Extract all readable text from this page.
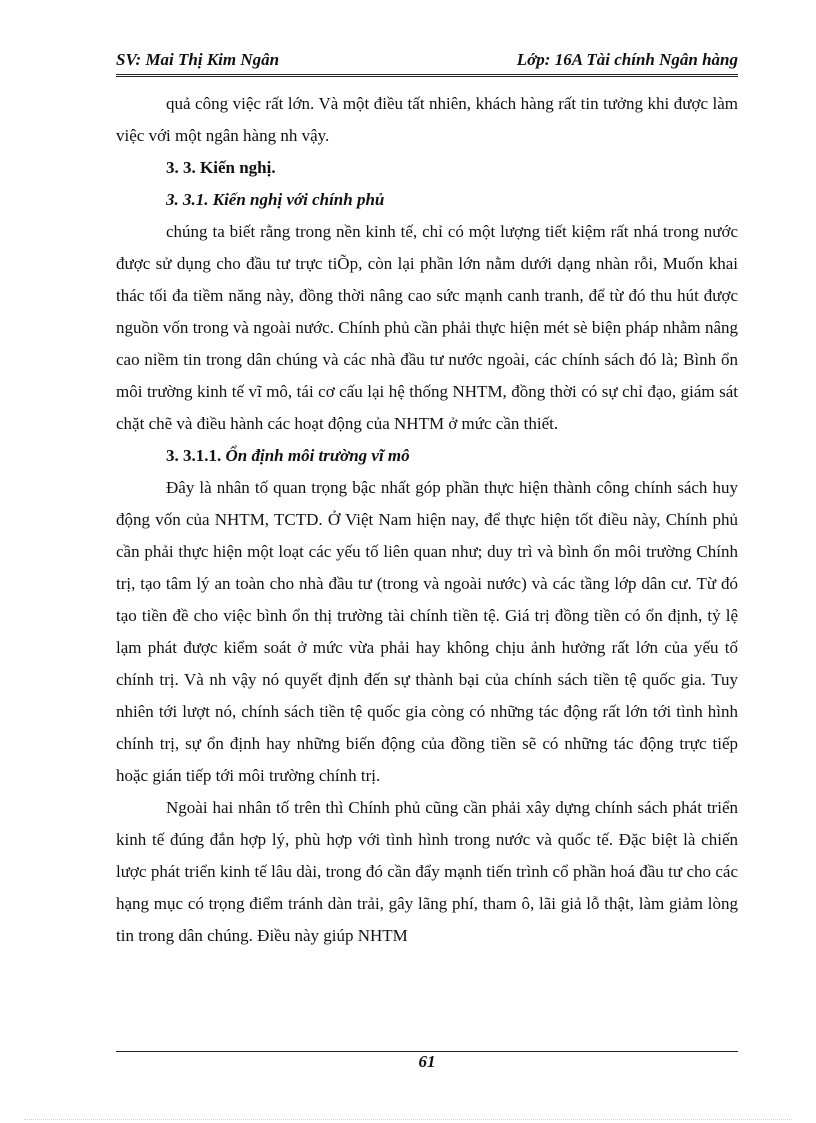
SV: Mai Thị Kim Ngân	Lớp: 16A Tài chính Ngân hàng

quả công việc rất lớn. Và một điều tất nhiên, khách hàng rất tin tưởng khi được làm việc với một ngân hàng nh vậy.

3. 3. Kiến nghị.

3. 3.1. Kiến nghị với chính phủ

chúng ta biết rằng trong nền kinh tế, chỉ có một lượng tiết kiệm rất nhá trong nước được sử dụng cho đầu tư trực tiÕp, còn lại phần lớn nằm dưới dạng nhàn rỗi, Muốn khai thác tối đa tiềm năng này, đồng thời nâng cao sức mạnh canh tranh, để từ đó thu hút được nguồn vốn trong và ngoài nước. Chính phủ cần phải thực hiện mét sè biện pháp nhằm nâng cao niềm tin trong dân chúng và các nhà đầu tư nước ngoài, các chính sách đó là; Bình ổn môi trường kinh tế vĩ mô, tái cơ cấu lại hệ thống NHTM, đồng thời có sự chỉ đạo, giám sát chặt chẽ và điều hành các hoạt động của NHTM ở mức cần thiết.

3. 3.1.1. Ổn định môi trường vĩ mô

Đây là nhân tố quan trọng bậc nhất góp phần thực hiện thành công chính sách huy động vốn của NHTM, TCTD. Ở Việt Nam hiện nay, để thực hiện tốt điều này, Chính phủ cần phải thực hiện một loạt các yếu tố liên quan như; duy trì và bình ổn môi trường Chính trị, tạo tâm lý an toàn cho nhà đầu tư (trong và ngoài nước) và các tầng lớp dân cư. Từ đó tạo tiền đề cho việc bình ổn thị trường tài chính tiền tệ. Giá trị đồng tiền có ổn định, tỷ lệ lạm phát được kiểm soát ở mức vừa phải hay không chịu ảnh hưởng rất lớn của yếu tố chính trị. Và nh vậy nó quyết định đến sự thành bại của chính sách tiền tệ quốc gia. Tuy nhiên tới lượt nó, chính sách tiền tệ quốc gia còng có những tác động rất lớn tới tình hình chính trị, sự ổn định hay những biến động của đồng tiền sẽ có những tác động trực tiếp hoặc gián tiếp tới môi trường chính trị.

Ngoài hai nhân tố trên thì Chính phủ cũng cần phải xây dựng chính sách phát triển kinh tế đúng đắn hợp lý, phù hợp với tình hình trong nước và quốc tế. Đặc biệt là chiến lược phát triển kinh tế lâu dài, trong đó cần đẩy mạnh tiến trình cổ phần hoá đầu tư cho các hạng mục có trọng điểm tránh dàn trải, gây lãng phí, tham ô, lãi giả lỗ thật, làm giảm lòng tin trong dân chúng. Điều này giúp NHTM

61
